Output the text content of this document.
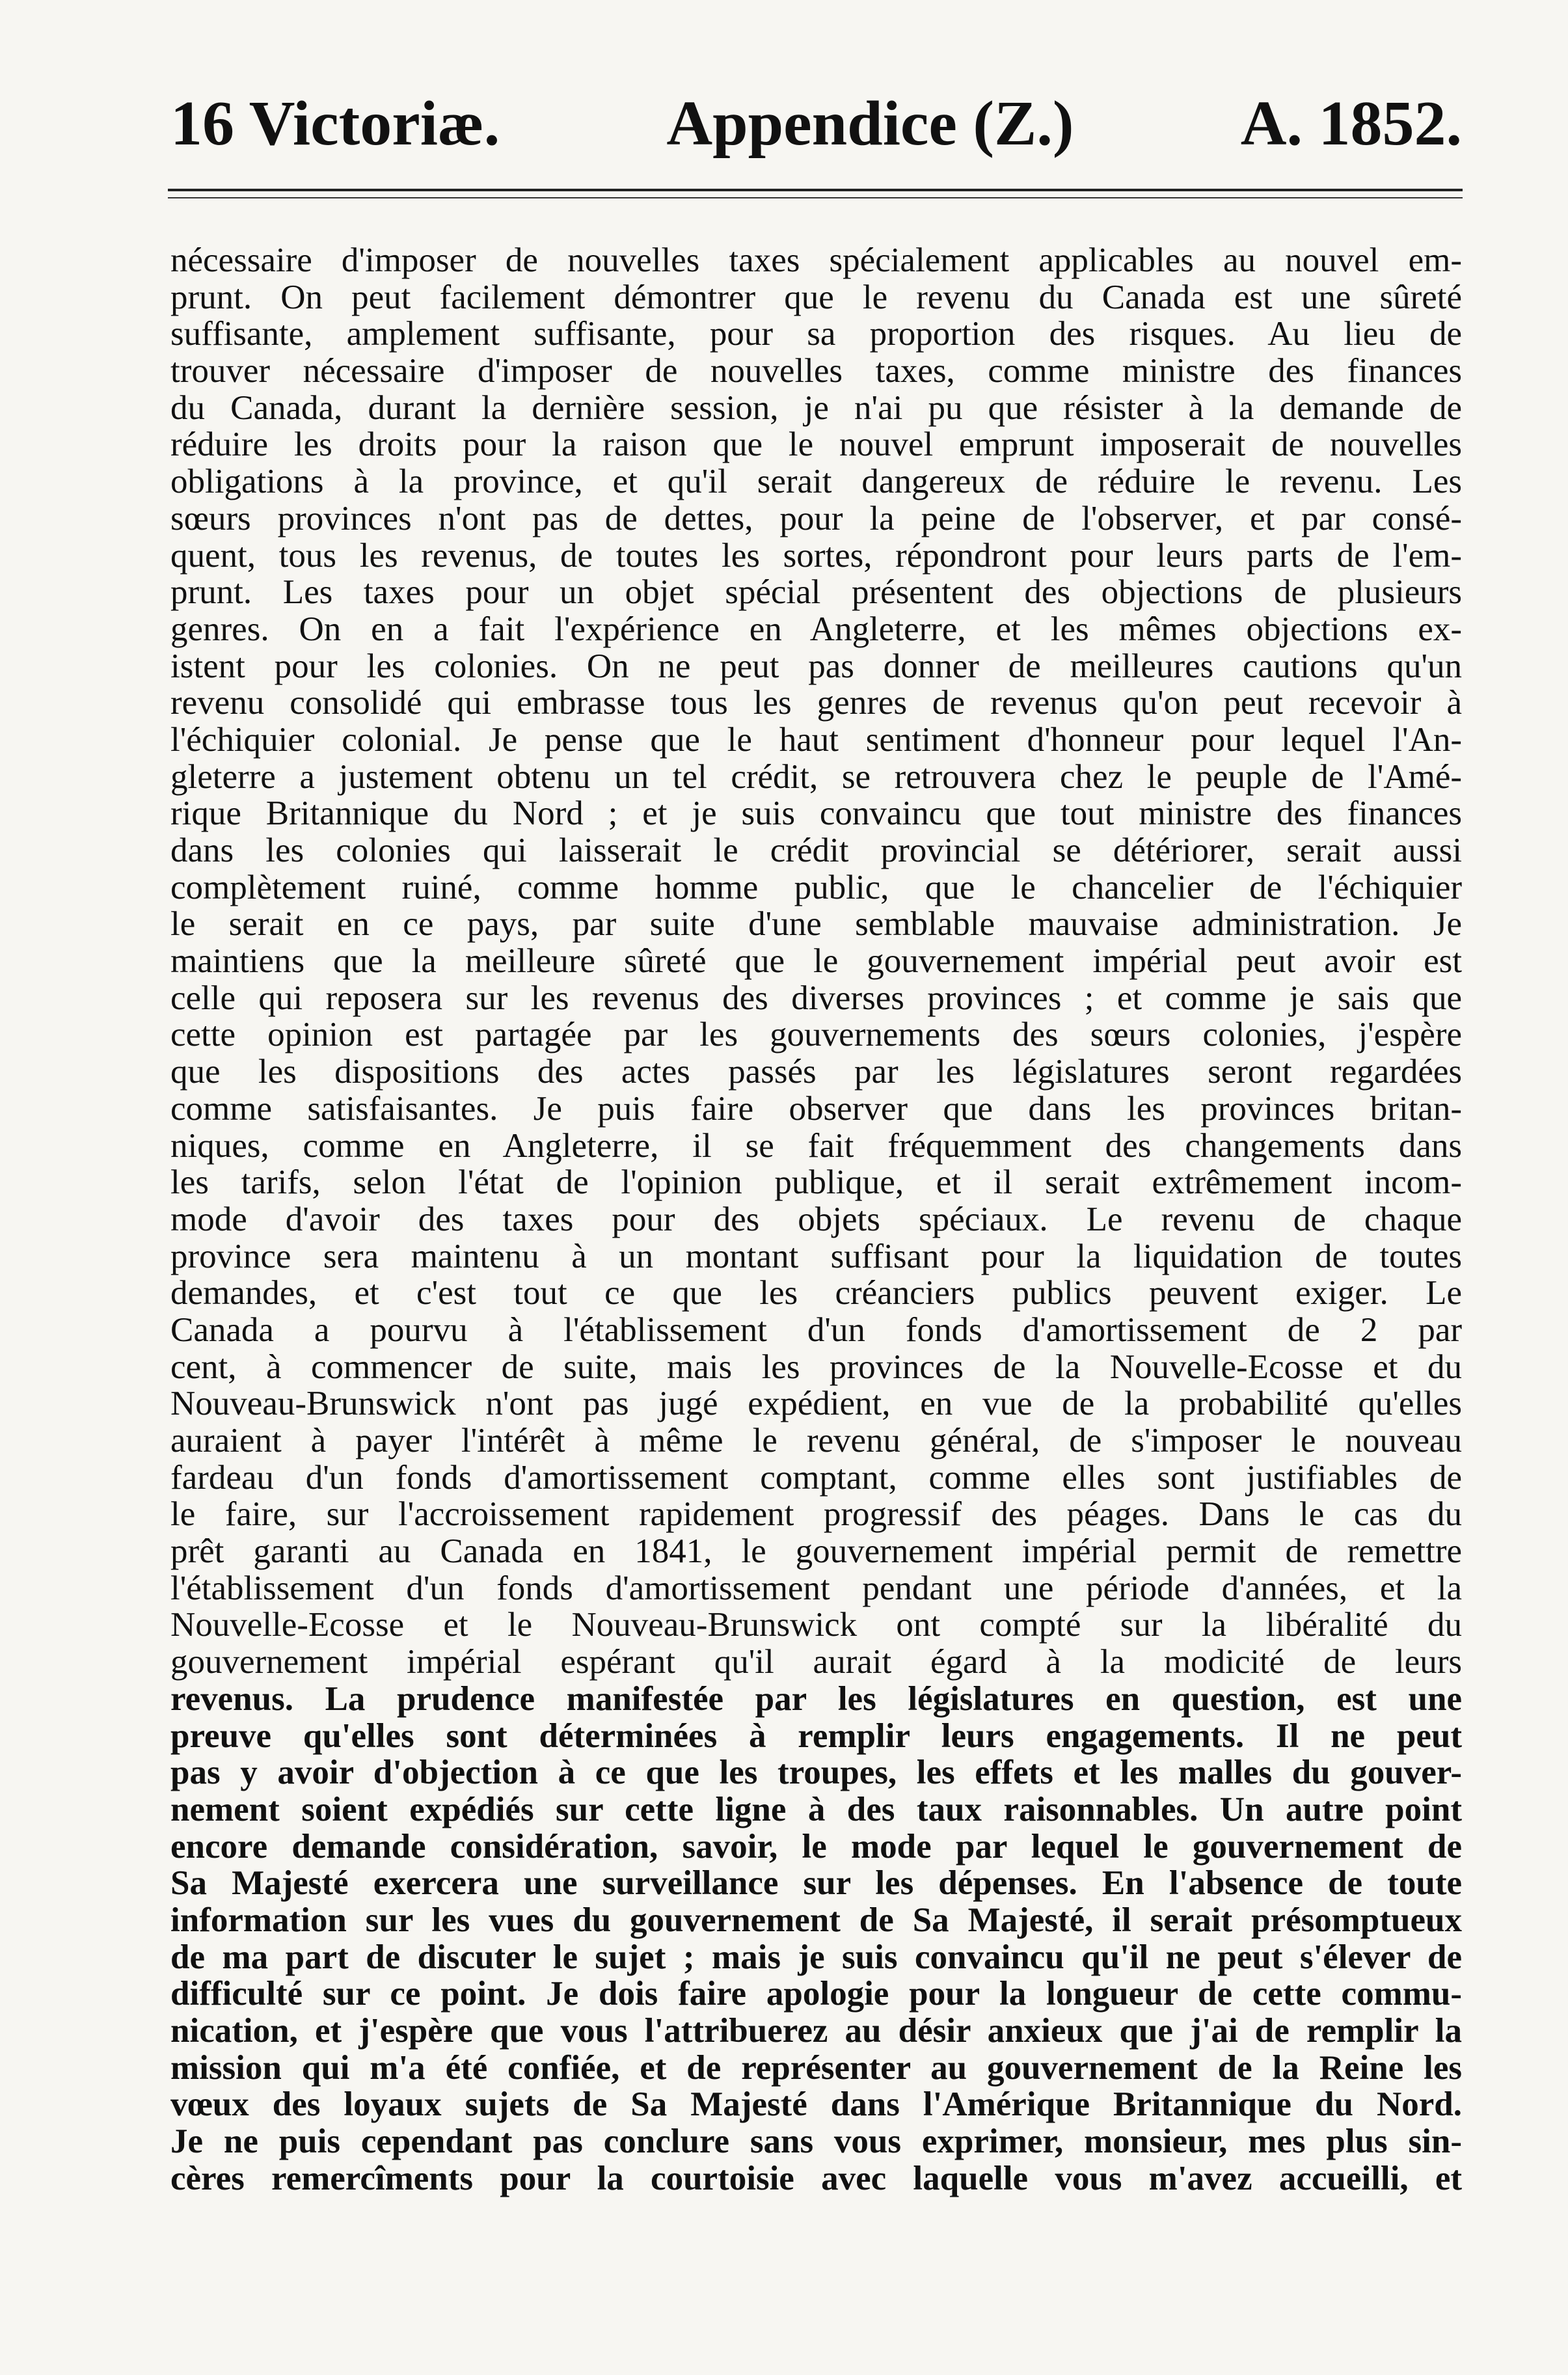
16 Victoriæ.	Appendice (Z.)	A. 1852.
nécessaire d'imposer de nouvelles taxes spécialement applicables au nouvel em-
prunt. On peut facilement démontrer que le revenu du Canada est une sûreté
suffisante, amplement suffisante, pour sa proportion des risques. Au lieu de
trouver nécessaire d'imposer de nouvelles taxes, comme ministre des finances
du Canada, durant la dernière session, je n'ai pu que résister à la demande de
réduire les droits pour la raison que le nouvel emprunt imposerait de nouvelles
obligations à la province, et qu'il serait dangereux de réduire le revenu. Les
sœurs provinces n'ont pas de dettes, pour la peine de l'observer, et par consé-
quent, tous les revenus, de toutes les sortes, répondront pour leurs parts de l'em-
prunt. Les taxes pour un objet spécial présentent des objections de plusieurs
genres. On en a fait l'expérience en Angleterre, et les mêmes objections ex-
istent pour les colonies. On ne peut pas donner de meilleures cautions qu'un
revenu consolidé qui embrasse tous les genres de revenus qu'on peut recevoir à
l'échiquier colonial. Je pense que le haut sentiment d'honneur pour lequel l'An-
gleterre a justement obtenu un tel crédit, se retrouvera chez le peuple de l'Amé-
rique Britannique du Nord ; et je suis convaincu que tout ministre des finances
dans les colonies qui laisserait le crédit provincial se détériorer, serait aussi
complètement ruiné, comme homme public, que le chancelier de l'échiquier
le serait en ce pays, par suite d'une semblable mauvaise administration. Je
maintiens que la meilleure sûreté que le gouvernement impérial peut avoir est
celle qui reposera sur les revenus des diverses provinces ; et comme je sais que
cette opinion est partagée par les gouvernements des sœurs colonies, j'espère
que les dispositions des actes passés par les législatures seront regardées
comme satisfaisantes. Je puis faire observer que dans les provinces britan-
niques, comme en Angleterre, il se fait fréquemment des changements dans
les tarifs, selon l'état de l'opinion publique, et il serait extrêmement incom-
mode d'avoir des taxes pour des objets spéciaux. Le revenu de chaque
province sera maintenu à un montant suffisant pour la liquidation de toutes
demandes, et c'est tout ce que les créanciers publics peuvent exiger. Le
Canada a pourvu à l'établissement d'un fonds d'amortissement de 2 par
cent, à commencer de suite, mais les provinces de la Nouvelle-Ecosse et du
Nouveau-Brunswick n'ont pas jugé expédient, en vue de la probabilité qu'elles
auraient à payer l'intérêt à même le revenu général, de s'imposer le nouveau
fardeau d'un fonds d'amortissement comptant, comme elles sont justifiables de
le faire, sur l'accroissement rapidement progressif des péages. Dans le cas du
prêt garanti au Canada en 1841, le gouvernement impérial permit de remettre
l'établissement d'un fonds d'amortissement pendant une période d'années, et la
Nouvelle-Ecosse et le Nouveau-Brunswick ont compté sur la libéralité du
gouvernement impérial espérant qu'il aurait égard à la modicité de leurs
revenus. La prudence manifestée par les législatures en question, est une
preuve qu'elles sont déterminées à remplir leurs engagements. Il ne peut
pas y avoir d'objection à ce que les troupes, les effets et les malles du gouver-
nement soient expédiés sur cette ligne à des taux raisonnables. Un autre point
encore demande considération, savoir, le mode par lequel le gouvernement de
Sa Majesté exercera une surveillance sur les dépenses. En l'absence de toute
information sur les vues du gouvernement de Sa Majesté, il serait présomptueux
de ma part de discuter le sujet ; mais je suis convaincu qu'il ne peut s'élever de
difficulté sur ce point. Je dois faire apologie pour la longueur de cette commu-
nication, et j'espère que vous l'attribuerez au désir anxieux que j'ai de remplir la
mission qui m'a été confiée, et de représenter au gouvernement de la Reine les
vœux des loyaux sujets de Sa Majesté dans l'Amérique Britannique du Nord.
Je ne puis cependant pas conclure sans vous exprimer, monsieur, mes plus sin-
cères remercîments pour la courtoisie avec laquelle vous m'avez accueilli, et
